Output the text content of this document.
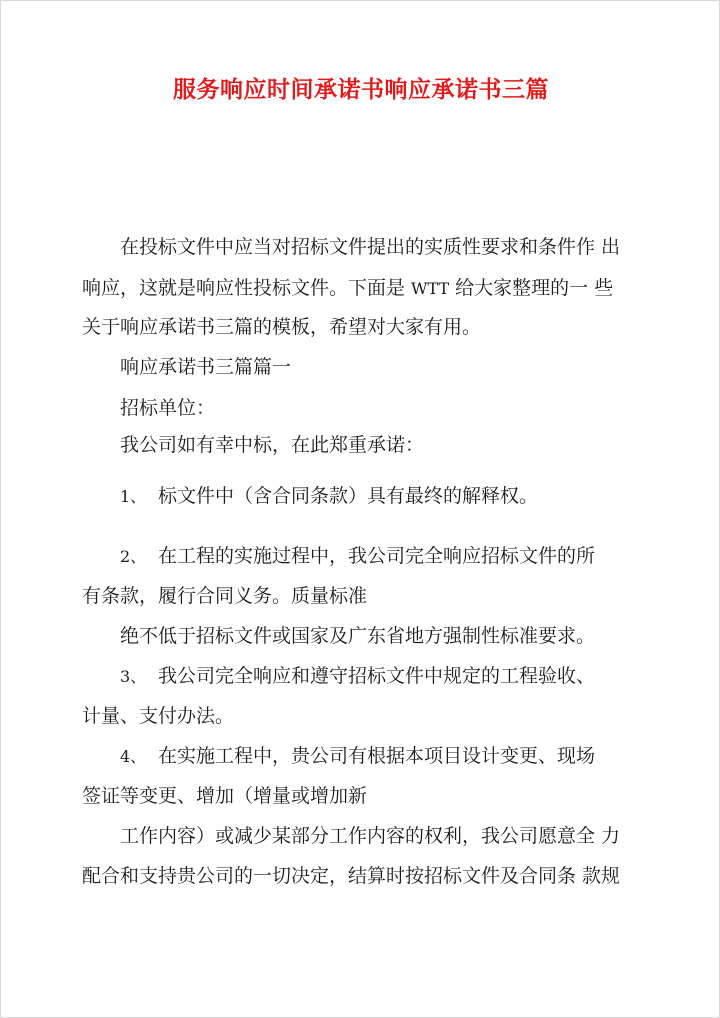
服务响应时间承诺书响应承诺书三篇
在投标文件中应当对招标文件提出的实质性要求和条件作 出
响应，这就是响应性投标文件。下面是 WTT 给大家整理的一 些
关于响应承诺书三篇的模板，希望对大家有用。
响应承诺书三篇篇一
招标单位：
我公司如有幸中标，在此郑重承诺：
1、 标文件中（含合同条款）具有最终的解释权。
2、 在工程的实施过程中，我公司完全响应招标文件的所
有条款，履行合同义务。质量标准
绝不低于招标文件或国家及广东省地方强制性标准要求。
3、 我公司完全响应和遵守招标文件中规定的工程验收、
计量、支付办法。
4、 在实施工程中，贵公司有根据本项目设计变更、现场
签证等变更、增加（增量或增加新
工作内容）或减少某部分工作内容的权利，我公司愿意全 力
配合和支持贵公司的一切决定，结算时按招标文件及合同条 款规
